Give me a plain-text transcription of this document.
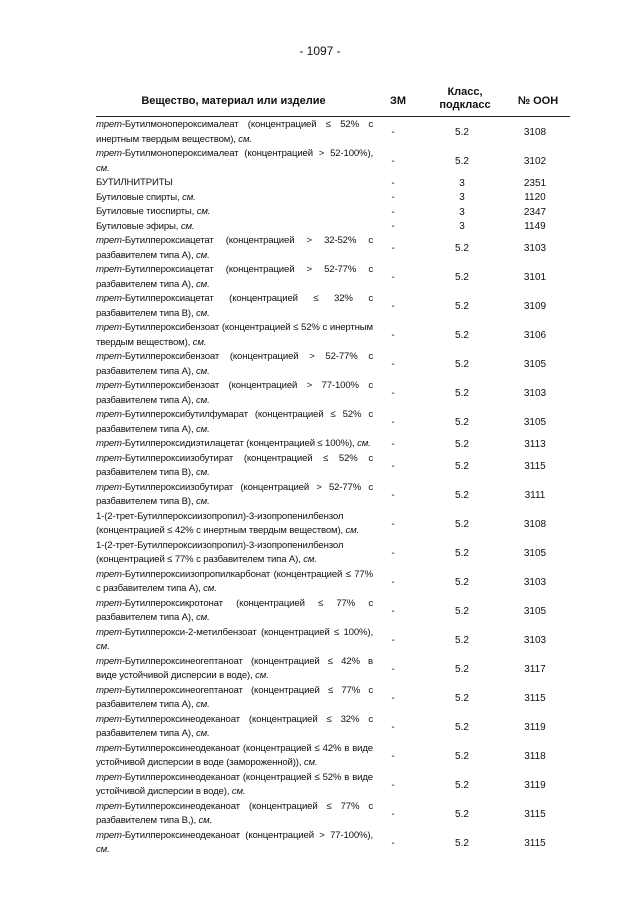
- 1097 -
Вещество, материал или изделие	ЗМ
Класс, подкласс	№ ООН
трет-Бутилмонопероксималеат (концентрацией ≤ 52% с инертным твердым веществом), см.
-	5.2	3108
трет-Бутилмонопероксималеат (концентрацией > 52-100%), см.
-	5.2	3102
БУТИЛНИТРИТЫ	-	3	2351
Бутиловые спирты, см.	-	3	1120
Бутиловые тиоспирты, см.	-	3	2347
Бутиловые эфиры, см.	-	3	1149
трет-Бутилпероксиацетат (концентрацией > 32-52% с разбавителем типа А), см.
-	5.2	3103
трет-Бутилпероксиацетат (концентрацией > 52-77% с разбавителем типа А), см.
-	5.2	3101
трет-Бутилпероксиацетат (концентрацией ≤ 32% с разбавителем типа В), см.
-	5.2	3109
трет-Бутилпероксибензоат (концентрацией ≤ 52% с инертным твердым веществом), см.
-	5.2	3106
трет-Бутилпероксибензоат (концентрацией > 52-77% с разбавителем типа А), см.
-	5.2	3105
трет-Бутилпероксибензоат (концентрацией > 77-100% с разбавителем типа А), см.
-	5.2	3103
трет-Бутилпероксибутилфумарат (концентрацией ≤ 52% с разбавителем типа А), см.
-	5.2	3105
трет-Бутилпероксидиэтилацетат (концентрацией ≤ 100%), см.	-	5.2	3113
трет-Бутилпероксиизобутират (концентрацией ≤ 52% с разбавителем типа В), см.
-	5.2	3115
трет-Бутилпероксиизобутират (концентрацией > 52-77% с разбавителем типа В), см.
-	5.2	3111
1-(2-трет-Бутилпероксиизопропил)-3-изопропенилбензол (концентрацией ≤ 42% с инертным твердым веществом), см.
-	5.2	3108
1-(2-трет-Бутилпероксиизопропил)-3-изопропенилбензол (концентрацией ≤ 77% с разбавителем типа А), см.
-	5.2	3105
трет-Бутилпероксиизопропилкарбонат (концентрацией ≤ 77% с разбавителем типа А), см.
-	5.2	3103
трет-Бутилпероксикротонат (концентрацией ≤ 77% с разбавителем типа А), см.
-	5.2	3105
трет-Бутилперокси-2-метилбензоат (концентрацией ≤ 100%), см.
-	5.2	3103
трет-Бутилпероксинеогептаноат (концентрацией ≤ 42% в виде устойчивой дисперсии в воде), см.
-	5.2	3117
трет-Бутилпероксинеогептаноат (концентрацией ≤ 77% с разбавителем типа А), см.
-	5.2	3115
трет-Бутилпероксинеодеканоат (концентрацией ≤ 32% с разбавителем типа А), см.
-	5.2	3119
трет-Бутилпероксинеодеканоат (концентрацией ≤ 42% в виде устойчивой дисперсии в воде (замороженной)), см.
-	5.2	3118
трет-Бутилпероксинеодеканоат (концентрацией ≤ 52% в виде устойчивой дисперсии в воде), см.
-	5.2	3119
трет-Бутилпероксинеодеканоат (концентрацией ≤ 77% с разбавителем типа В,), см.
-	5.2	3115
трет-Бутилпероксинеодеканоат (концентрацией > 77-100%), см.
-	5.2	3115
